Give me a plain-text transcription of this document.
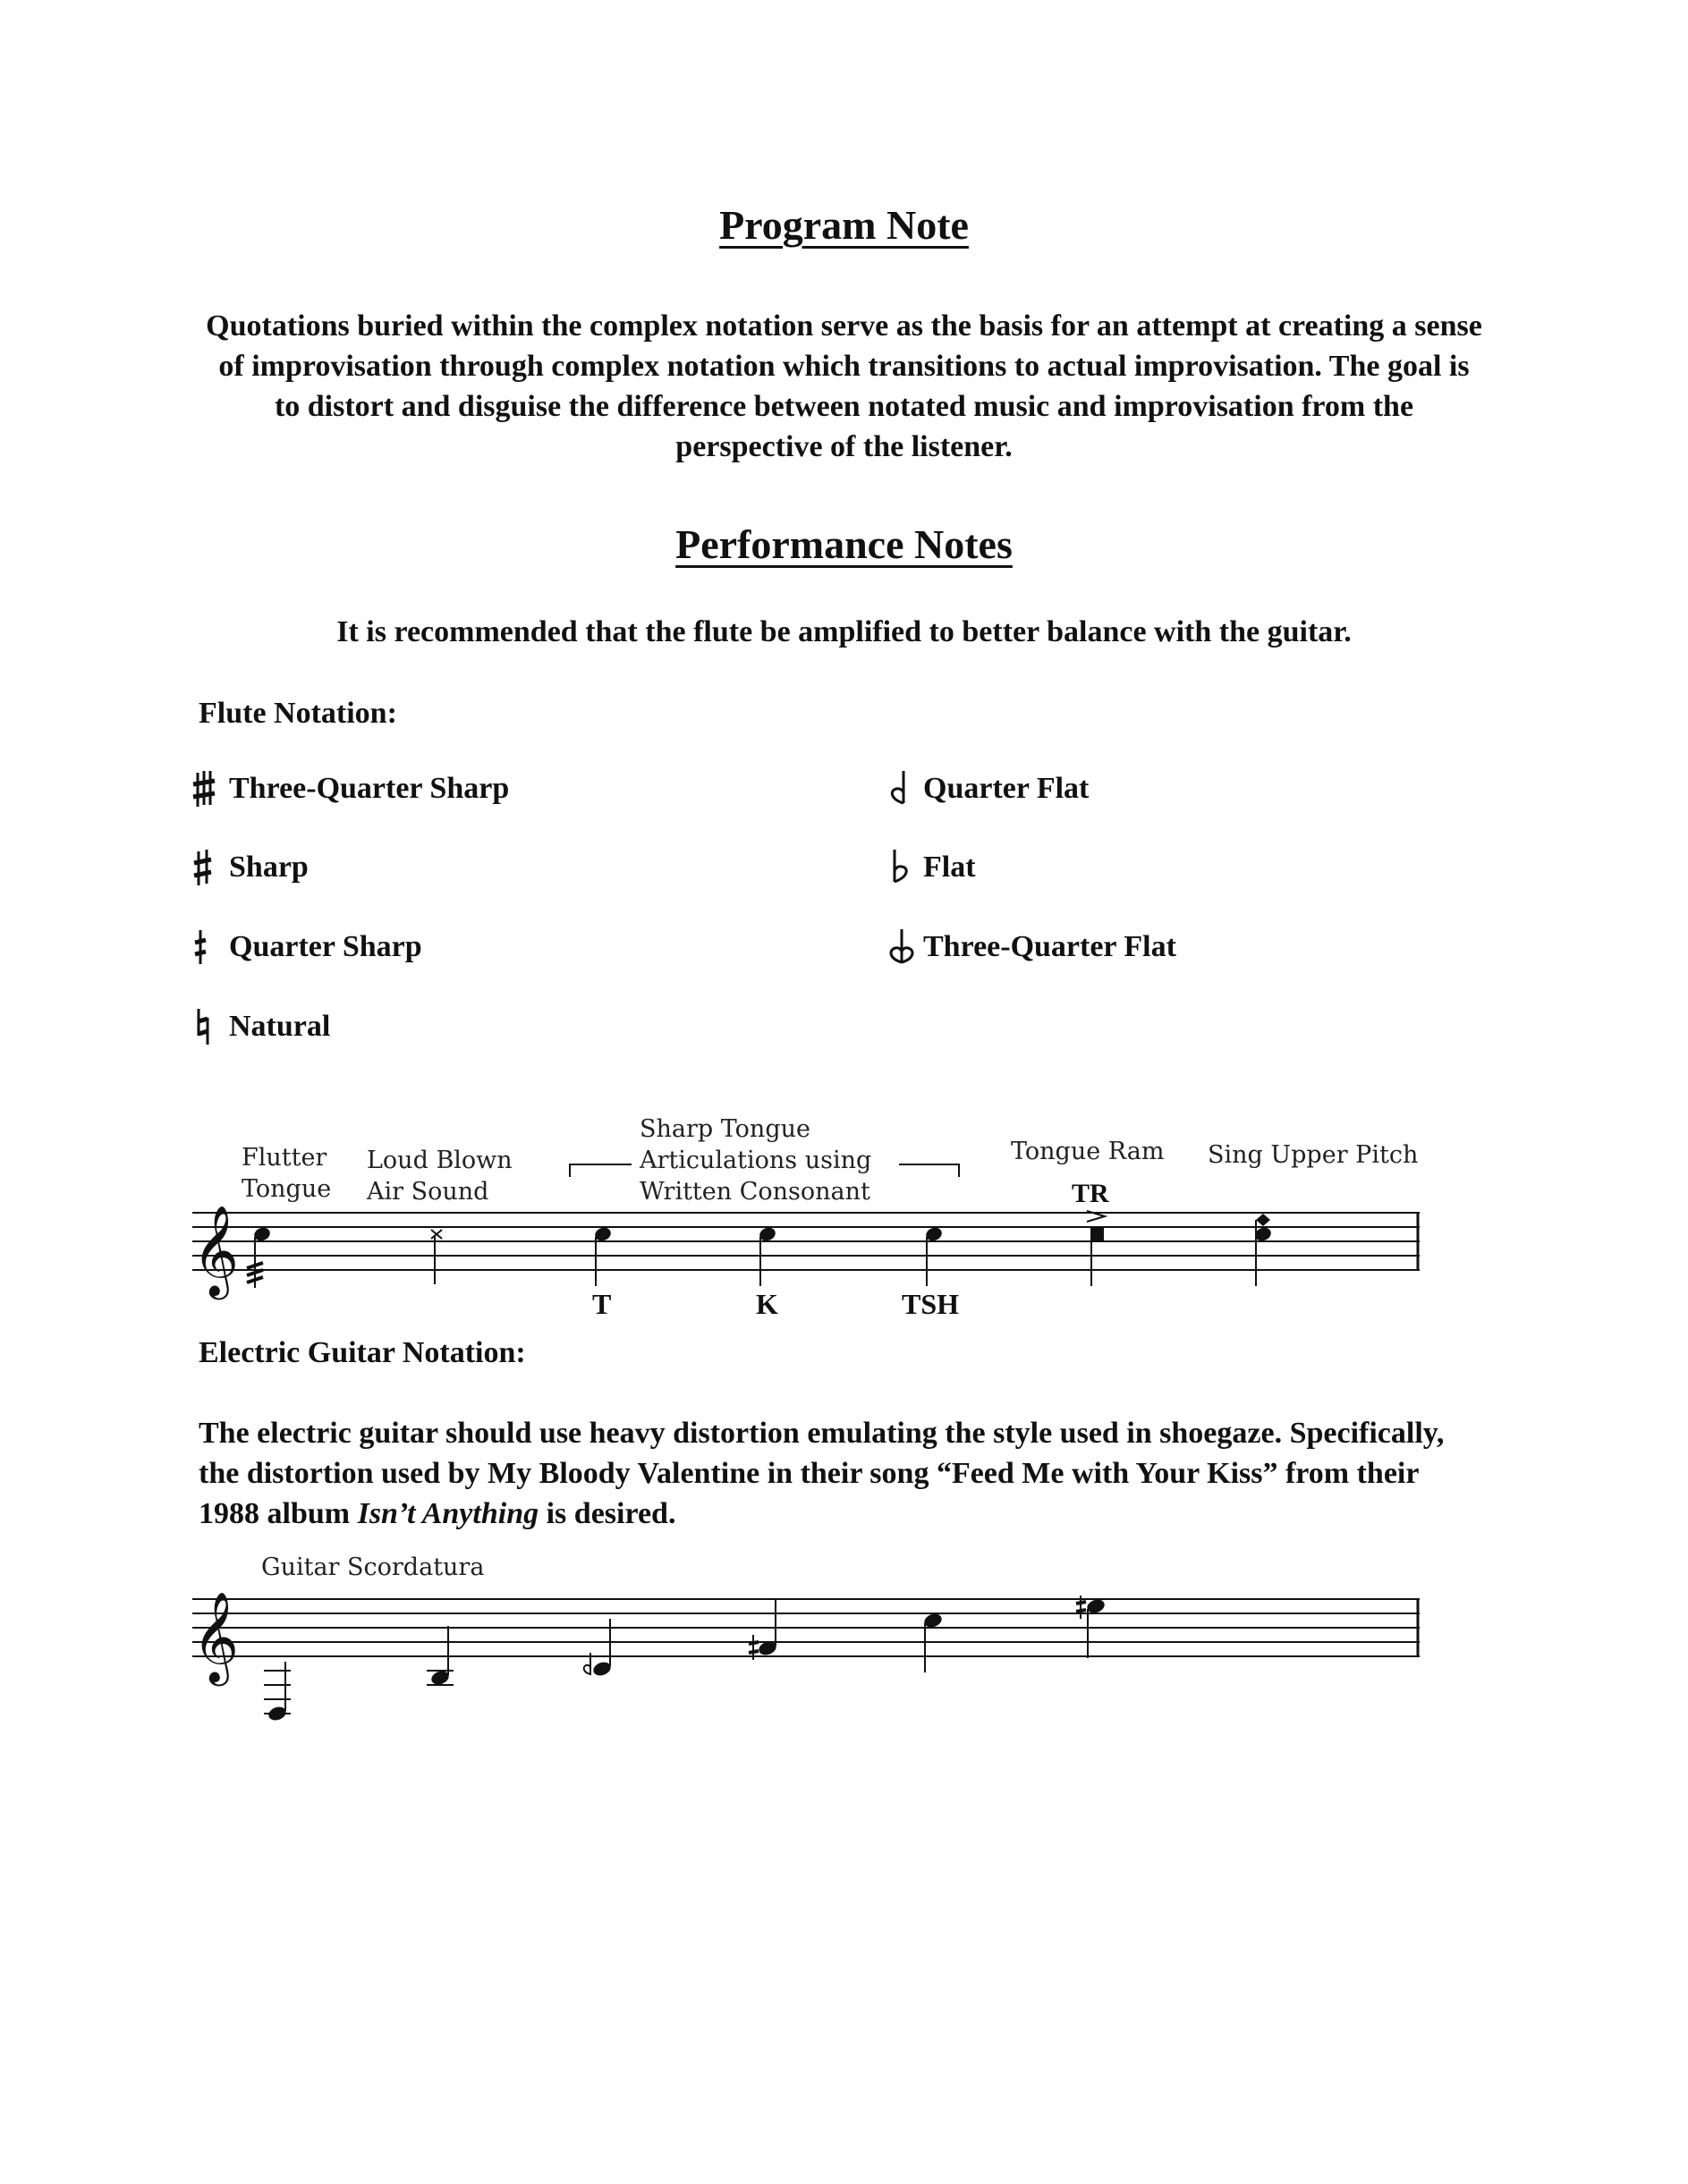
Program Note
Quotations buried within the complex notation serve as the basis for an attempt at creating a sense
of improvisation through complex notation which transitions to actual improvisation. The goal is
to distort and disguise the difference between notated music and improvisation from the
perspective of the listener.
Performance Notes
It is recommended that the flute be amplified to better balance with the guitar.
Flute Notation:
Three-Quarter Sharp
Sharp
Quarter Sharp
Natural
Quarter Flat
Flat
Three-Quarter Flat
Flutter
Tongue
Loud Blown
Air Sound
Sharp Tongue
Articulations using
Written Consonant
Tongue Ram Sing Upper Pitch
TR
𝄞
T	K	TSH
Electric Guitar Notation:
The electric guitar should use heavy distortion emulating the style used in shoegaze. Specifically,
the distortion used by My Bloody Valentine in their song “Feed Me with Your Kiss” from their
1988 album Isn’t Anything is desired.
Guitar Scordatura
𝄞
